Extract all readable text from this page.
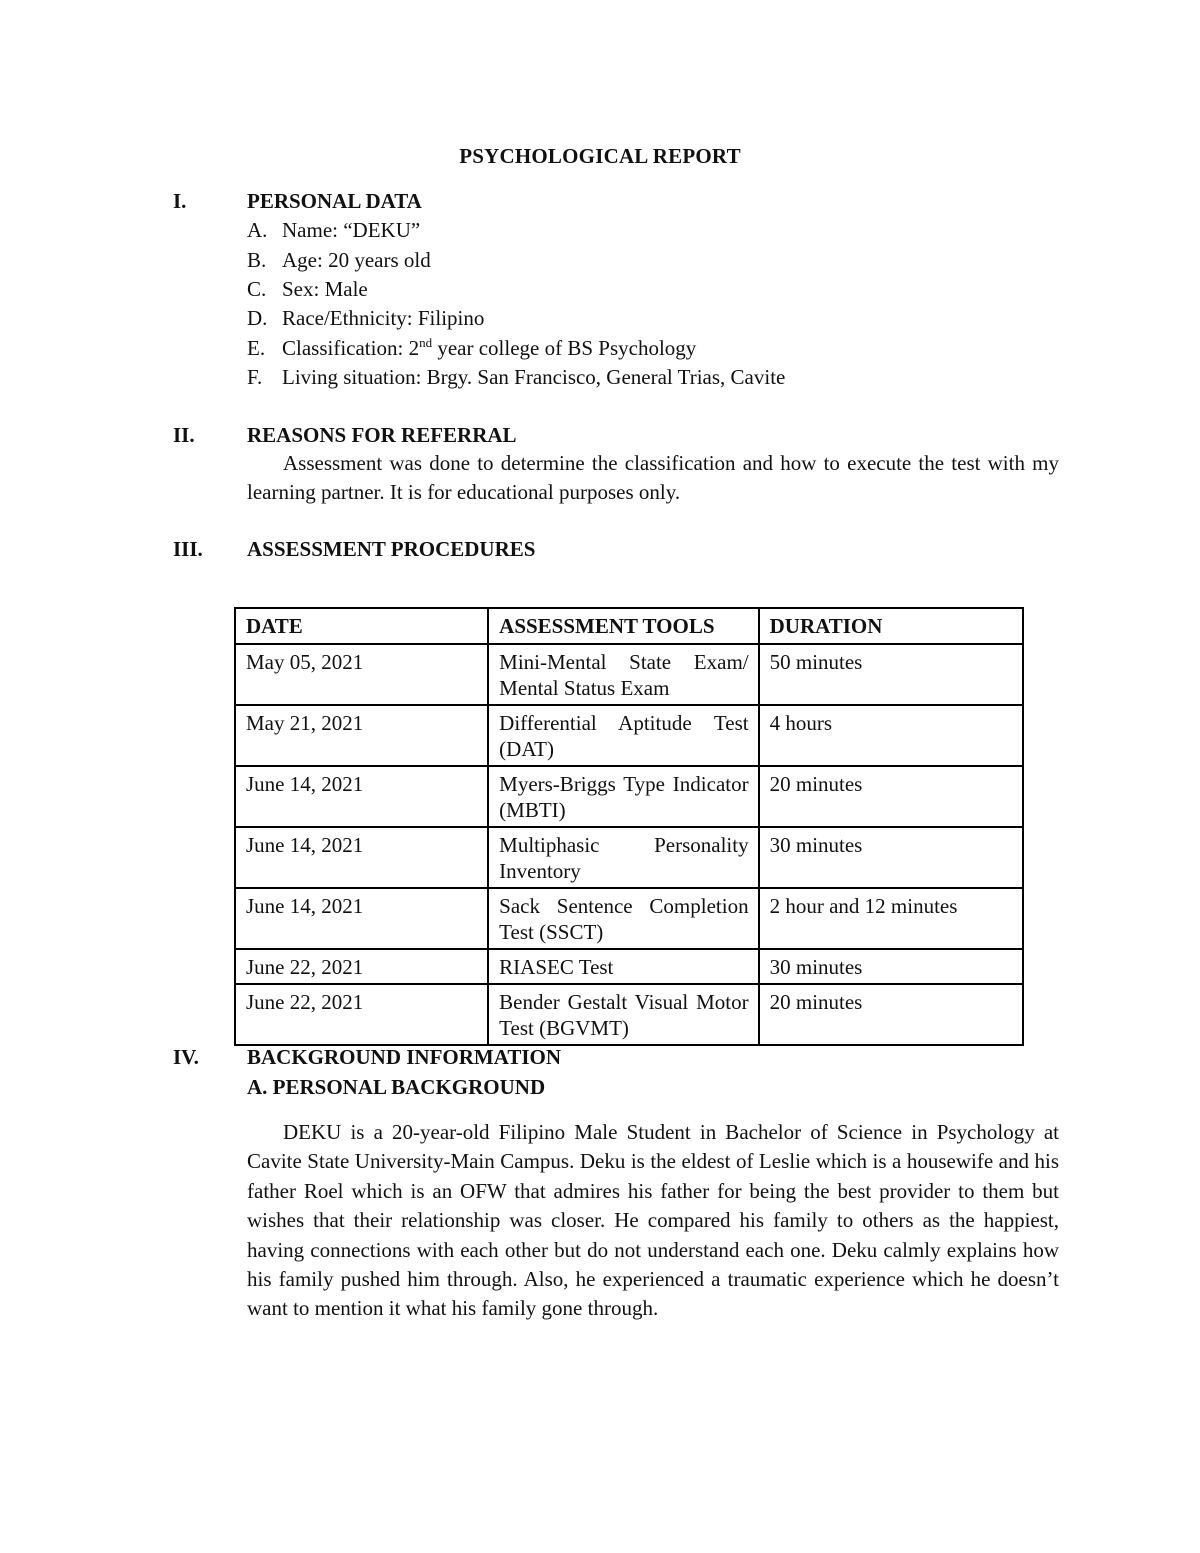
PSYCHOLOGICAL REPORT
I.	PERSONAL DATA
A. Name: “DEKU”
B. Age: 20 years old
C. Sex: Male
D. Race/Ethnicity: Filipino
E. Classification: 2nd year college of BS Psychology
F. Living situation: Brgy. San Francisco, General Trias, Cavite
II. REASONS FOR REFERRAL
Assessment was done to determine the classification and how to execute the test with my learning partner. It is for educational purposes only.
III. ASSESSMENT PROCEDURES
DATE	ASSESSMENT TOOLS	DURATION
May 05, 2021	Mini-Mental State Exam/ Mental Status Exam	50 minutes
May 21, 2021	Differential Aptitude Test (DAT)	4 hours
June 14, 2021	Myers-Briggs Type Indicator (MBTI)	20 minutes
June 14, 2021	Multiphasic Personality Inventory	30 minutes
June 14, 2021	Sack Sentence Completion Test (SSCT)	2 hour and 12 minutes
June 22, 2021	RIASEC Test	30 minutes
June 22, 2021	Bender Gestalt Visual Motor Test (BGVMT)	20 minutes
IV. BACKGROUND INFORMATION
A. PERSONAL BACKGROUND
DEKU is a 20-year-old Filipino Male Student in Bachelor of Science in Psychology at Cavite State University-Main Campus. Deku is the eldest of Leslie which is a housewife and his father Roel which is an OFW that admires his father for being the best provider to them but wishes that their relationship was closer. He compared his family to others as the happiest, having connections with each other but do not understand each one. Deku calmly explains how his family pushed him through. Also, he experienced a traumatic experience which he doesn’t want to mention it what his family gone through.
